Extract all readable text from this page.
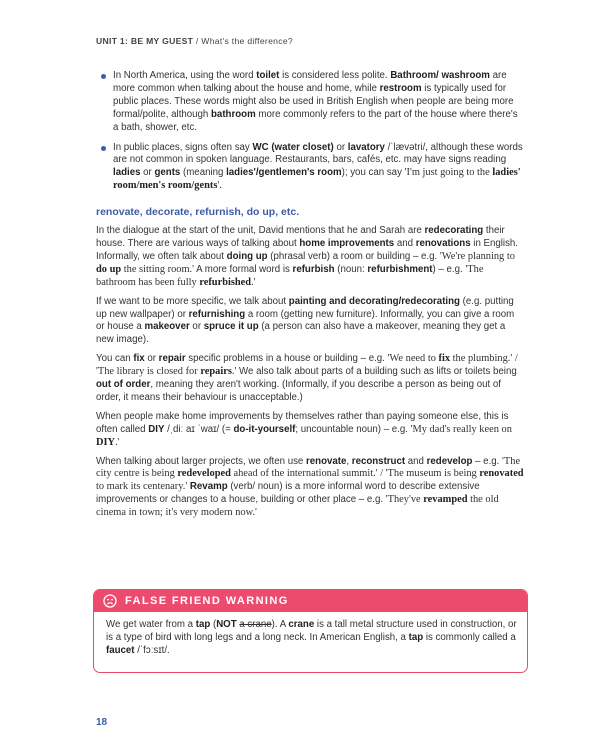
UNIT 1: BE MY GUEST / What's the difference?
In North America, using the word toilet is considered less polite. Bathroom/ washroom are more common when talking about the house and home, while restroom is typically used for public places. These words might also be used in British English when people are being more formal/polite, although bathroom more commonly refers to the part of the house where there's a bath, shower, etc.
In public places, signs often say WC (water closet) or lavatory /ˈlævətri/, although these words are not common in spoken language. Restaurants, bars, cafés, etc. may have signs reading ladies or gents (meaning ladies'/gentlemen's room); you can say 'I'm just going to the ladies' room/men's room/gents'.
renovate, decorate, refurnish, do up, etc.

In the dialogue at the start of the unit, David mentions that he and Sarah are redecorating their house. There are various ways of talking about home improvements and renovations in English. Informally, we often talk about doing up (phrasal verb) a room or building – e.g. 'We're planning to do up the sitting room.' A more formal word is refurbish (noun: refurbishment) – e.g. 'The bathroom has been fully refurbished.'

If we want to be more specific, we talk about painting and decorating/redecorating (e.g. putting up new wallpaper) or refurnishing a room (getting new furniture). Informally, you can give a room or house a makeover or spruce it up (a person can also have a makeover, meaning they get a new image).

You can fix or repair specific problems in a house or building – e.g. 'We need to fix the plumbing.' / 'The library is closed for repairs.' We also talk about parts of a building such as lifts or toilets being out of order, meaning they aren't working. (Informally, if you describe a person as being out of order, it means their behaviour is unacceptable.)

When people make home improvements by themselves rather than paying someone else, this is often called DIY /ˌdiː aɪ ˈwaɪ/ (= do-it-yourself; uncountable noun) – e.g. 'My dad's really keen on DIY.'

When talking about larger projects, we often use renovate, reconstruct and redevelop – e.g. 'The city centre is being redeveloped ahead of the international summit.' / 'The museum is being renovated to mark its centenary.' Revamp (verb/ noun) is a more informal word to describe extensive improvements or changes to a house, building or other place – e.g. 'They've revamped the old cinema in town; it's very modern now.'

FALSE FRIEND WARNING
We get water from a tap (NOT a crane). A crane is a tall metal structure used in construction, or is a type of bird with long legs and a long neck. In American English, a tap is commonly called a faucet /ˈfɔːsɪt/.
18
